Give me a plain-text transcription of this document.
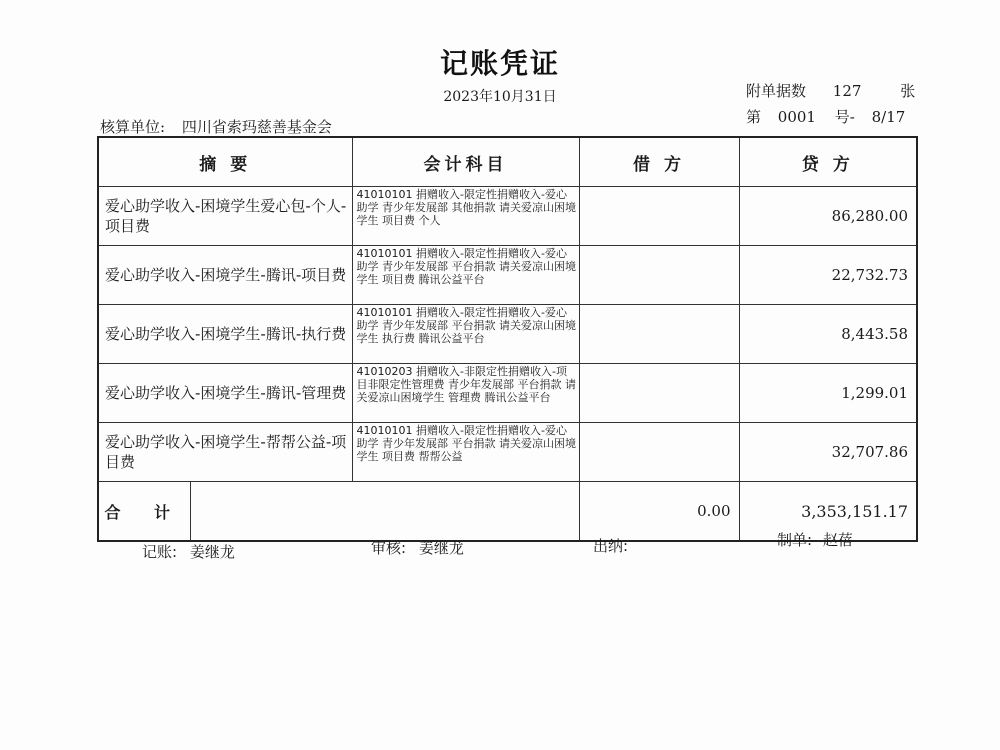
记账凭证
2023年10月31日	附单据数 127	张
第 0001 号- 8/17
核算单位: 四川省索玛慈善基金会
摘 要		会计科目	借 方	贷 方
爱心助学收入-困境学生爱心包-个人-项目费		41010101 捐赠收入-限定性捐赠收入-爱心助学 青少年发展部 其他捐款 请关爱凉山困境学生 项目费 个人		86,280.00
爱心助学收入-困境学生-腾讯-项目费		41010101 捐赠收入-限定性捐赠收入-爱心助学 青少年发展部 平台捐款 请关爱凉山困境学生 项目费 腾讯公益平台		22,732.73
爱心助学收入-困境学生-腾讯-执行费		41010101 捐赠收入-限定性捐赠收入-爱心助学 青少年发展部 平台捐款 请关爱凉山困境学生 执行费 腾讯公益平台		8,443.58
爱心助学收入-困境学生-腾讯-管理费		41010203 捐赠收入-非限定性捐赠收入-项目非限定性管理费 青少年发展部 平台捐款 请关爱凉山困境学生 管理费 腾讯公益平台		1,299.01
爱心助学收入-困境学生-帮帮公益-项目费		41010101 捐赠收入-限定性捐赠收入-爱心助学 青少年发展部 平台捐款 请关爱凉山困境学生 项目费 帮帮公益		32,707.86
合 计			0.00	3,353,151.17
记账: 姜继龙	审核: 姜继龙	出纳:	制单: 赵蓓
